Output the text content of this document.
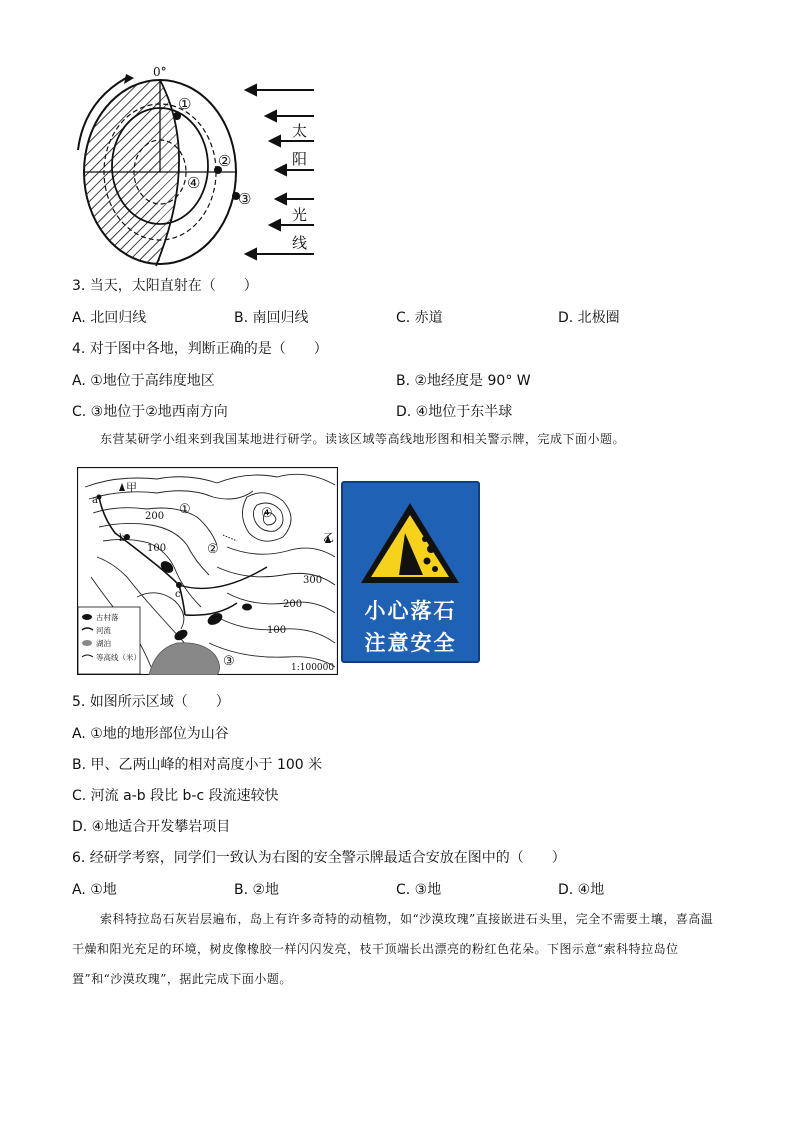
0°
①
②
③
④
太
阳
光
线
3. 当天，太阳直射在（　　）
A. 北回归线	B. 南回归线	C. 赤道	D. 北极圈
4. 对于图中各地，判断正确的是（　　）
A. ①地位于高纬度地区	B. ②地经度是 90° W
C. ③地位于②地西南方向	D. ④地位于东半球
东营某研学小组来到我国某地进行研学。读该区域等高线地形图和相关警示牌，完成下面小题。
甲
乙
a
b
c
①
②
③
④
200
100
300
200
100
古村落
河流
湖泊
等高线（米）
1:100000
小心落石
注意安全
5. 如图所示区域（　　）
A. ①地的地形部位为山谷
B. 甲、乙两山峰的相对高度小于 100 米
C. 河流 a-b 段比 b-c 段流速较快
D. ④地适合开发攀岩项目
6. 经研学考察，同学们一致认为右图的安全警示牌最适合安放在图中的（　　）
A. ①地	B. ②地	C. ③地	D. ④地
索科特拉岛石灰岩层遍布，岛上有许多奇特的动植物，如“沙漠玫瑰”直接嵌进石头里，完全不需要土壤，喜高温干燥和阳光充足的环境，树皮像橡胶一样闪闪发亮，枝干顶端长出漂亮的粉红色花朵。下图示意“索科特拉岛位置”和“沙漠玫瑰”，据此完成下面小题。
